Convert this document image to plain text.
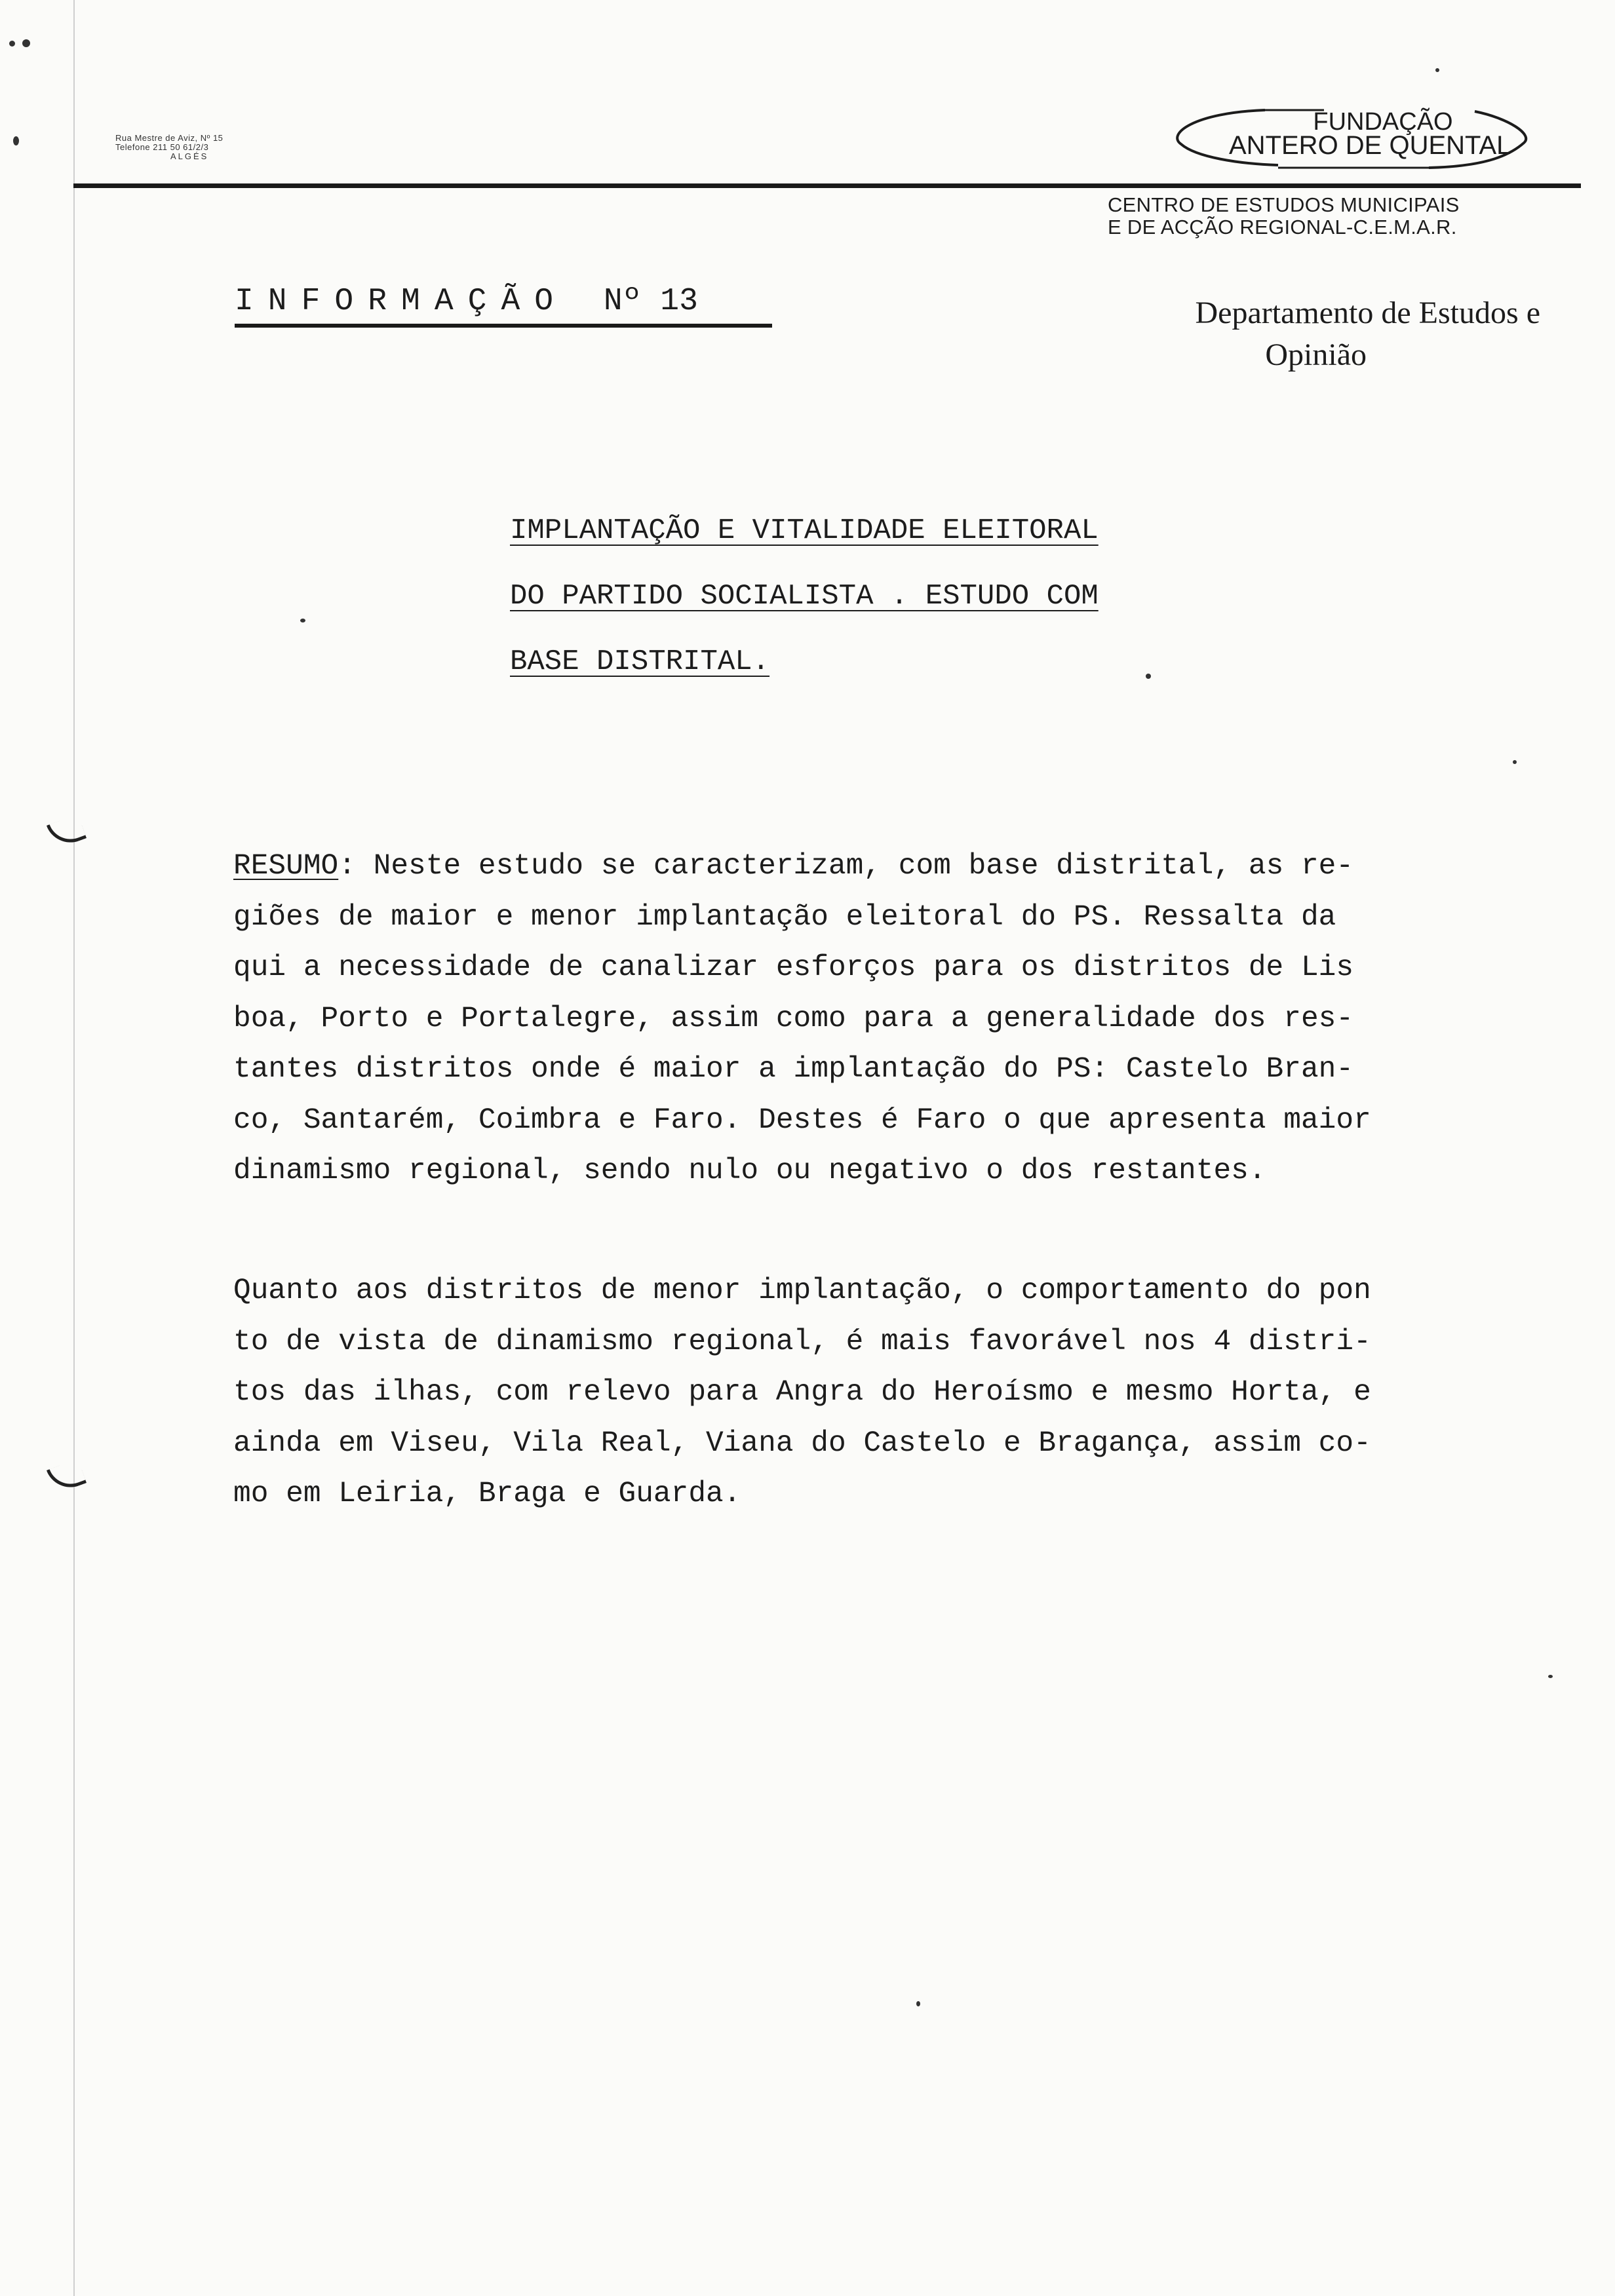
Rua Mestre de Aviz, Nº 15
Telefone 211 50 61/2/3
ALGÉS
FUNDAÇÃO
ANTERO DE QUENTAL
CENTRO DE ESTUDOS MUNICIPAIS
E DE ACÇÃO REGIONAL-C.E.M.A.R.
INFORMAÇÃO Nº 13	Departamento de Estudos e
Opinião
IMPLANTAÇÃO E VITALIDADE ELEITORAL
DO PARTIDO SOCIALISTA . ESTUDO COM
BASE DISTRITAL.
RESUMO: Neste estudo se caracterizam, com base distrital, as re-
giões de maior e menor implantação eleitoral do PS. Ressalta da
qui a necessidade de canalizar esforços para os distritos de Lis
boa, Porto e Portalegre, assim como para a generalidade dos res-
tantes distritos onde é maior a implantação do PS: Castelo Bran-
co, Santarém, Coimbra e Faro. Destes é Faro o que apresenta maior
dinamismo regional, sendo nulo ou negativo o dos restantes.
Quanto aos distritos de menor implantação, o comportamento do pon
to de vista de dinamismo regional, é mais favorável nos 4 distri-
tos das ilhas, com relevo para Angra do Heroísmo e mesmo Horta, e
ainda em Viseu, Vila Real, Viana do Castelo e Bragança, assim co-
mo em Leiria, Braga e Guarda.
